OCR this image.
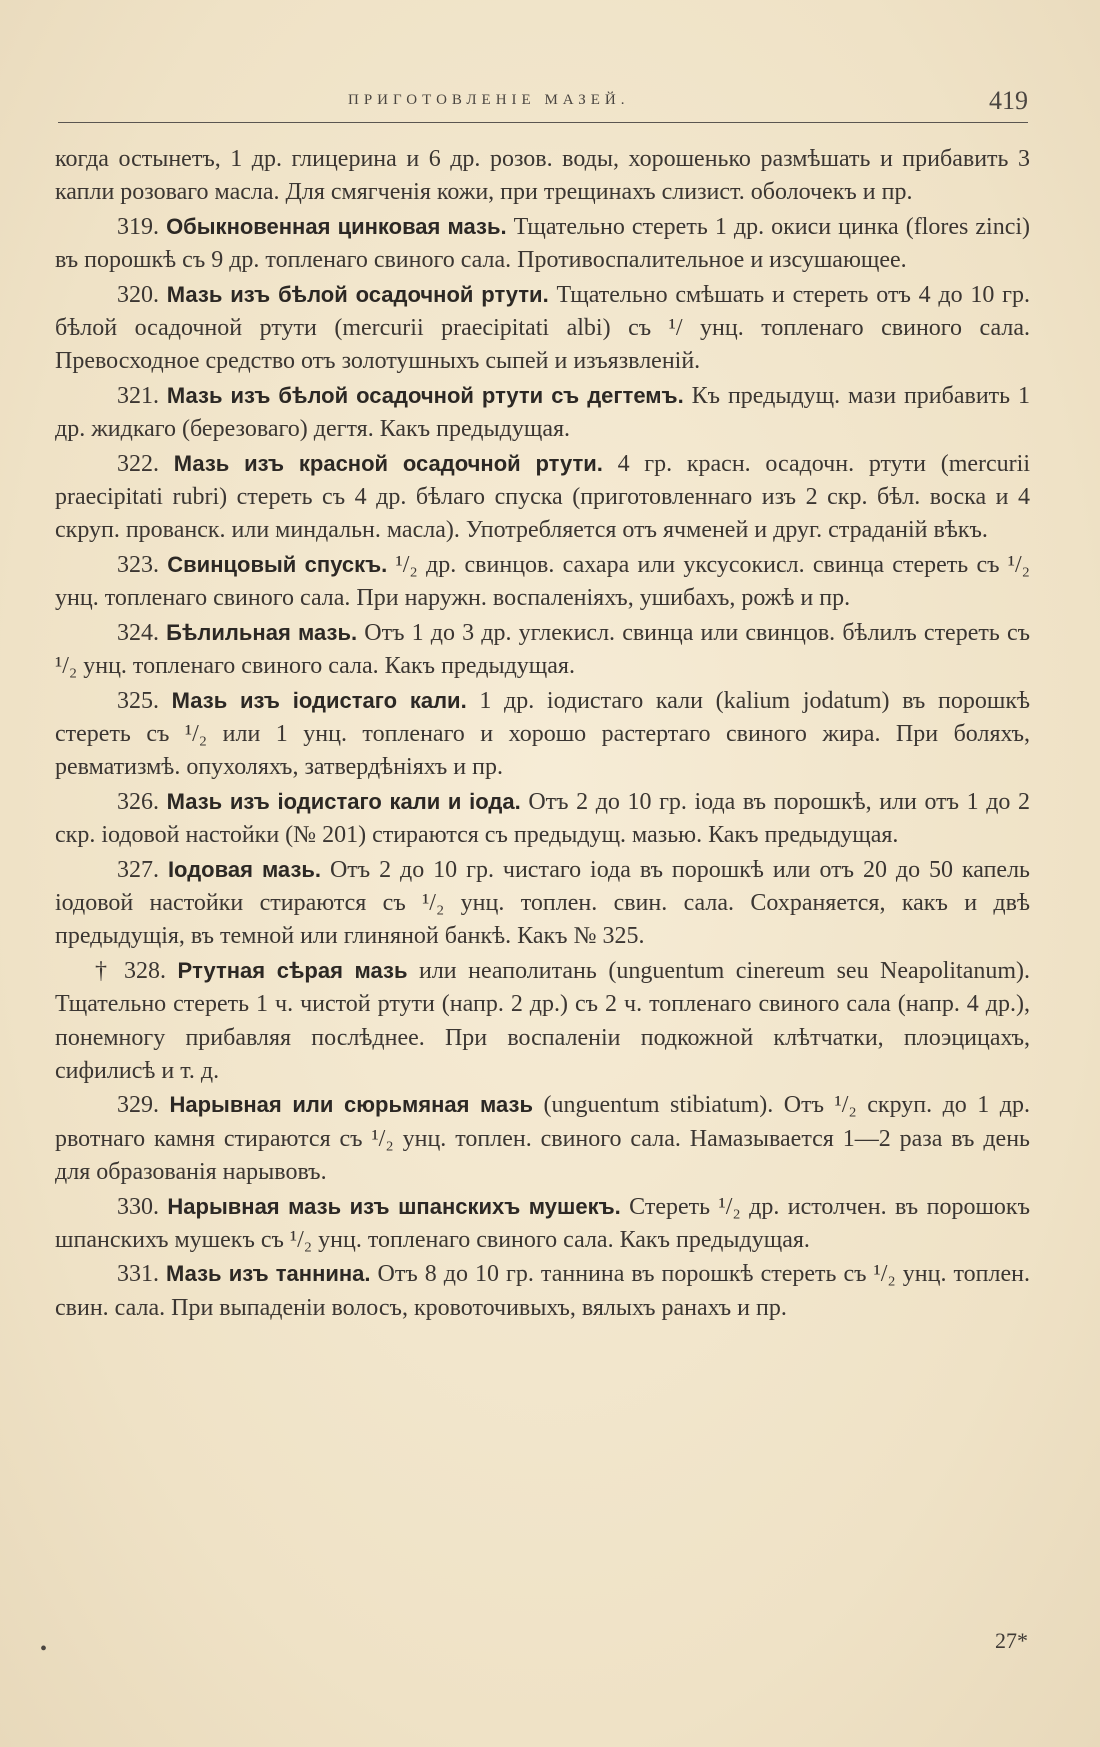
ПРИГОТОВЛЕНІЕ МАЗЕЙ.	419

когда остынетъ, 1 др. глицерина и 6 др. розов. воды, хорошенько размѣшать и прибавить 3 капли розоваго масла. Для смягченія кожи, при трещинахъ слизист. оболочекъ и пр.

319. Обыкновенная цинковая мазь. Тщательно стереть 1 др. окиси цинка (flores zinci) въ порошкѣ съ 9 др. топленаго свиного сала. Противоспалительное и изсушающее.

320. Мазь изъ бѣлой осадочной ртути. Тщательно смѣшать и стереть отъ 4 до 10 гр. бѣлой осадочной ртути (mercurii praecipitati albi) съ ¹/ унц. топленаго свиного сала. Превосходное средство отъ золотушныхъ сыпей и изъязвленій.

321. Мазь изъ бѣлой осадочной ртути съ дегтемъ. Къ предыдущ. мази прибавить 1 др. жидкаго (березоваго) дегтя. Какъ предыдущая.

322. Мазь изъ красной осадочной ртути. 4 гр. красн. осадочн. ртути (mercurii praecipitati rubri) стереть съ 4 др. бѣлаго спуска (приготовленнаго изъ 2 скр. бѣл. воска и 4 скруп. прованск. или миндальн. масла). Употребляется отъ ячменей и друг. страданій вѣкъ.

323. Свинцовый спускъ. ¹/₂ др. свинцов. сахара или уксусокисл. свинца стереть съ ¹/₂ унц. топленаго свиного сала. При наружн. воспаленіяхъ, ушибахъ, рожѣ и пр.

324. Бѣлильная мазь. Отъ 1 до 3 др. углекисл. свинца или свинцов. бѣлилъ стереть съ ¹/₂ унц. топленаго свиного сала. Какъ предыдущая.

325. Мазь изъ іодистаго кали. 1 др. іодистаго кали (kalium jodatum) въ порошкѣ стереть съ ¹/₂ или 1 унц. топленаго и хорошо растертаго свиного жира. При боляхъ, ревматизмѣ. опухоляхъ, затвердѣніяхъ и пр.

326. Мазь изъ іодистаго кали и іода. Отъ 2 до 10 гр. іода въ порошкѣ, или отъ 1 до 2 скр. іодовой настойки (№ 201) стираются съ предыдущ. мазью. Какъ предыдущая.

327. Іодовая мазь. Отъ 2 до 10 гр. чистаго іода въ порошкѣ или отъ 20 до 50 капель іодовой настойки стираются съ ¹/₂ унц. топлен. свин. сала. Сохраняется, какъ и двѣ предыдущія, въ темной или глиняной банкѣ. Какъ № 325.

† 328. Ртутная сѣрая мазь или неаполитань (unguentum cinereum seu Neapolitanum). Тщательно стереть 1 ч. чистой ртути (напр. 2 др.) съ 2 ч. топленаго свиного сала (напр. 4 др.), понемногу прибавляя послѣднее. При воспаленіи подкожной клѣтчатки, плоэцицахъ, сифилисѣ и т. д.

329. Нарывная или сюрьмяная мазь (unguentum stibiatum). Отъ ¹/₂ скруп. до 1 др. рвотнаго камня стираются съ ¹/₂ унц. топлен. свиного сала. Намазывается 1—2 раза въ день для образованія нарывовъ.

330. Нарывная мазь изъ шпанскихъ мушекъ. Стереть ¹/₂ др. истолчен. въ порошокъ шпанскихъ мушекъ съ ¹/₂ унц. топленаго свиного сала. Какъ предыдущая.

331. Мазь изъ таннина. Отъ 8 до 10 гр. таннина въ порошкѣ стереть съ ¹/₂ унц. топлен. свин. сала. При выпаденіи волосъ, кровоточивыхъ, вялыхъ ранахъ и пр.

•	27*
